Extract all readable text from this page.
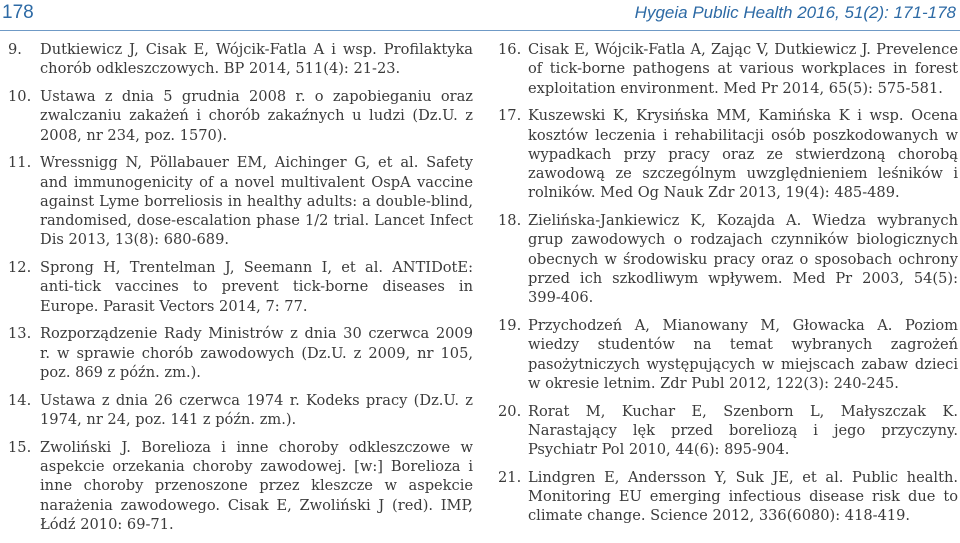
178	Hygeia Public Health 2016, 51(2): 171-178
9. Dutkiewicz J, Cisak E, Wójcik-Fatla A i wsp. Profilaktyka chorób odkleszczowych. BP 2014, 511(4): 21-23.
10. Ustawa z dnia 5 grudnia 2008 r. o zapobieganiu oraz zwalczaniu zakażeń i chorób zakaźnych u ludzi (Dz.U. z 2008, nr 234, poz. 1570).
11. Wressnigg N, Pöllabauer EM, Aichinger G, et al. Safety and immunogenicity of a novel multivalent OspA vaccine against Lyme borreliosis in healthy adults: a double-blind, randomised, dose-escalation phase 1/2 trial. Lancet Infect Dis 2013, 13(8): 680-689.
12. Sprong H, Trentelman J, Seemann I, et al. ANTIDotE: anti-tick vaccines to prevent tick-borne diseases in Europe. Parasit Vectors 2014, 7: 77.
13. Rozporządzenie Rady Ministrów z dnia 30 czerwca 2009 r. w sprawie chorób zawodowych (Dz.U. z 2009, nr 105, poz. 869 z późn. zm.).
14. Ustawa z dnia 26 czerwca 1974 r. Kodeks pracy (Dz.U. z 1974, nr 24, poz. 141 z późn. zm.).
15. Zwoliński J. Borelioza i inne choroby odkleszczowe w aspekcie orzekania choroby zawodowej. [w:] Borelioza i inne choroby przenoszone przez kleszcze w aspekcie narażenia zawodowego. Cisak E, Zwoliński J (red). IMP, Łódź 2010: 69-71.
16. Cisak E, Wójcik-Fatla A, Zając V, Dutkiewicz J. Prevelence of tick-borne pathogens at various workplaces in forest exploitation environment. Med Pr 2014, 65(5): 575-581.
17. Kuszewski K, Krysińska MM, Kamińska K i wsp. Ocena kosztów leczenia i rehabilitacji osób poszkodowanych w wypadkach przy pracy oraz ze stwierdzoną chorobą zawodową ze szczególnym uwzględnieniem leśników i rolników. Med Og Nauk Zdr 2013, 19(4): 485-489.
18. Zielińska-Jankiewicz K, Kozajda A. Wiedza wybranych grup zawodowych o rodzajach czynników biologicznych obecnych w środowisku pracy oraz o sposobach ochrony przed ich szkodliwym wpływem. Med Pr 2003, 54(5): 399-406.
19. Przychodzeń A, Mianowany M, Głowacka A. Poziom wiedzy studentów na temat wybranych zagrożeń pasożytniczych występujących w miejscach zabaw dzieci w okresie letnim. Zdr Publ 2012, 122(3): 240-245.
20. Rorat M, Kuchar E, Szenborn L, Małyszczak K. Narastający lęk przed boreliozą i jego przyczyny. Psychiatr Pol 2010, 44(6): 895-904.
21. Lindgren E, Andersson Y, Suk JE, et al. Public health. Monitoring EU emerging infectious disease risk due to climate change. Science 2012, 336(6080): 418-419.
